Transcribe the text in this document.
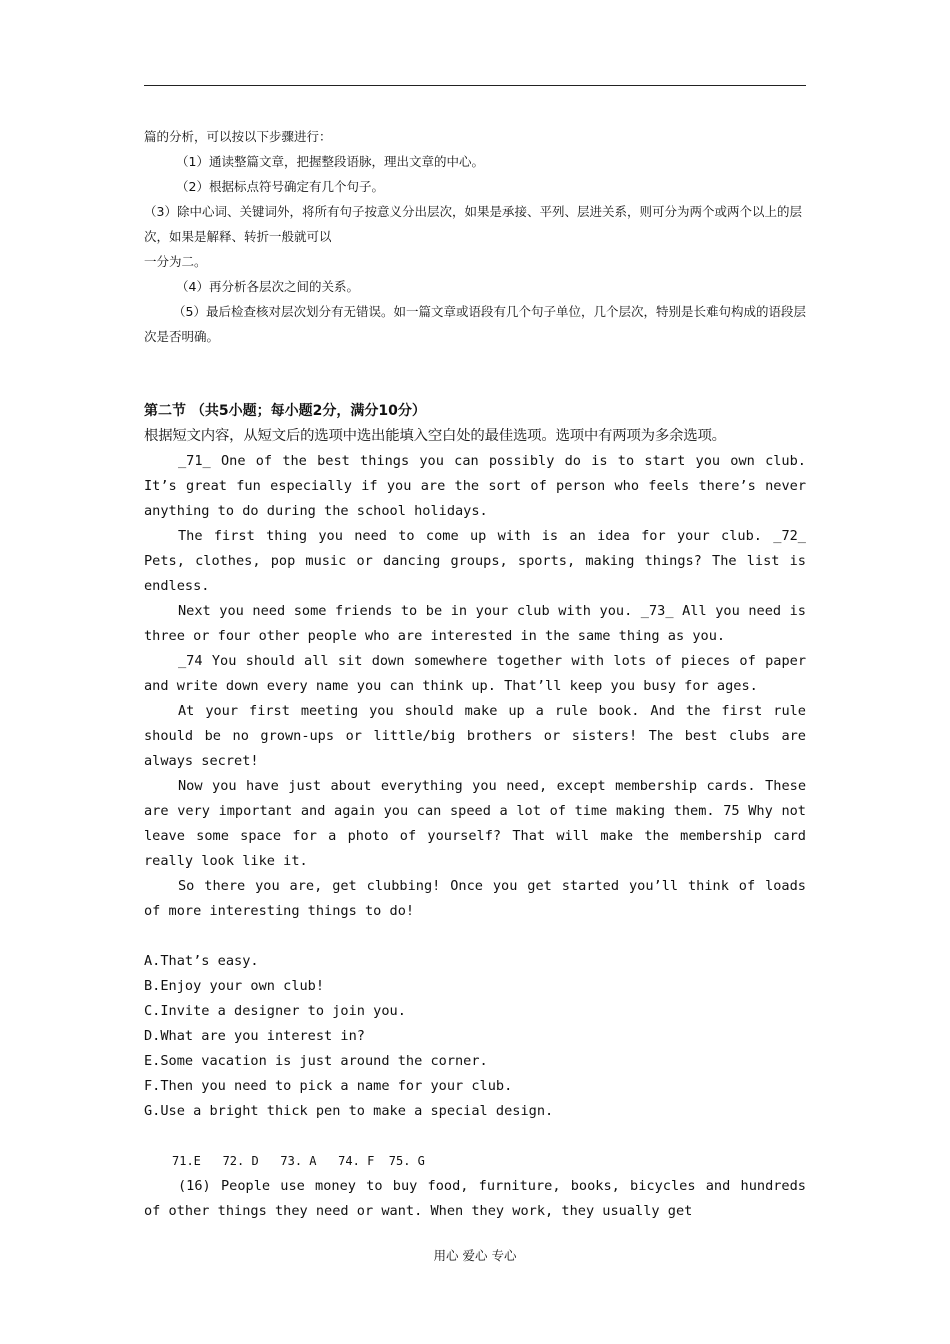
篇的分析，可以按以下步骤进行：

（1）通读整篇文章，把握整段语脉，理出文章的中心。

（2）根据标点符号确定有几个句子。

（3）除中心词、关键词外，将所有句子按意义分出层次，如果是承接、平列、层进关系，则可分为两个或两个以上的层次，如果是解释、转折一般就可以

一分为二。

（4）再分析各层次之间的关系。

（5）最后检查核对层次划分有无错误。如一篇文章或语段有几个句子单位，几个层次，特别是长难句构成的语段层次是否明确。

第二节 （共5小题；每小题2分，满分10分）

根据短文内容，从短文后的选项中选出能填入空白处的最佳选项。选项中有两项为多余选项。

_71_ One of the best things you can possibly do is to start you own club. It’s great fun especially if you are the sort of person who feels there’s never anything to do during the school holidays.

The first thing you need to come up with is an idea for your club. _72_ Pets, clothes, pop music or dancing groups, sports, making things? The list is endless.

Next you need some friends to be in your club with you. _73_ All you need is three or four other people who are interested in the same thing as you.

_74 You should all sit down somewhere together with lots of pieces of paper and write down every name you can think up. That’ll keep you busy for ages.

At your first meeting you should make up a rule book. And the first rule should be no grown-ups or little/big brothers or sisters! The best clubs are always secret!

Now you have just about everything you need, except membership cards. These are very important and again you can speed a lot of time making them. 75 Why not leave some space for a photo of yourself? That will make the membership card really look like it.

So there you are, get clubbing! Once you get started you’ll think of loads of more interesting things to do!

A.That’s easy.

B.Enjoy your own club!

C.Invite a designer to join you.

D.What are you interest in?

E.Some vacation is just around the corner.

F.Then you need to pick a name for your club.

G.Use a bright thick pen to make a special design.

71.E   72. D   73. A   74. F  75. G

(16) People use money to buy food, furniture, books, bicycles and hundreds of other things they need or want. When they work, they usually get

用心 爱心 专心
